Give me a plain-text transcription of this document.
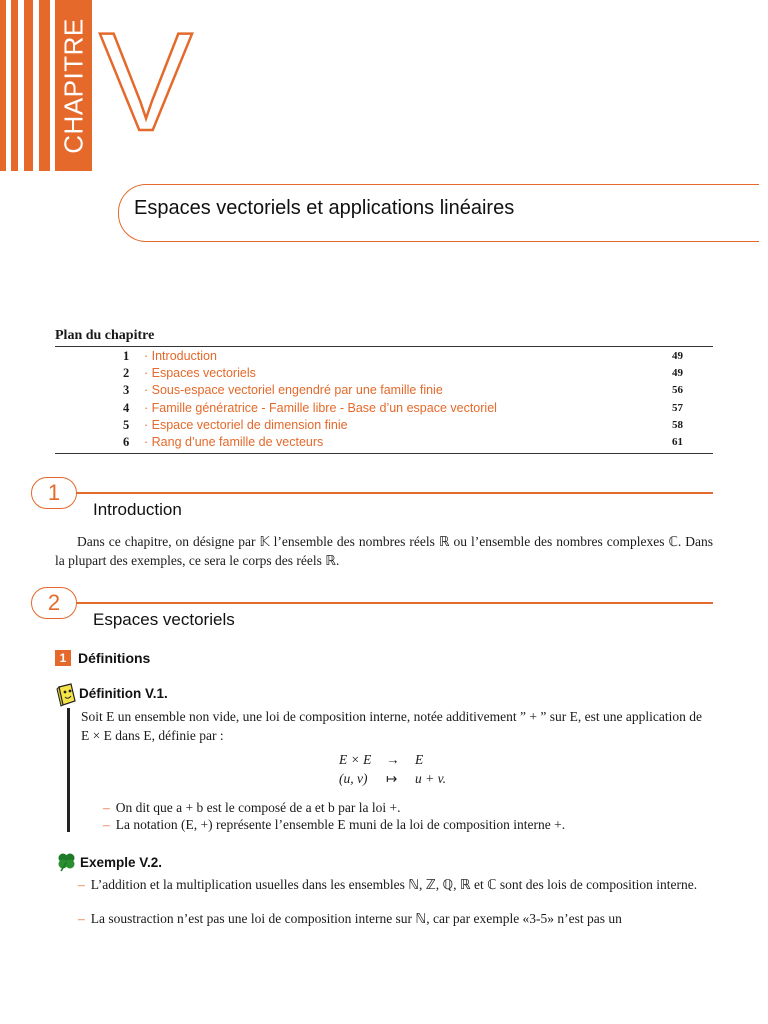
CHAPITRE V
Espaces vectoriels et applications linéaires
Plan du chapitre
1 · Introduction	49
2 · Espaces vectoriels	49
3 · Sous-espace vectoriel engendré par une famille finie	56
4 · Famille génératrice - Famille libre - Base d’un espace vectoriel	57
5 · Espace vectoriel de dimension finie	58
6 · Rang d’une famille de vecteurs	61
1
Introduction
Dans ce chapitre, on désigne par 𝕂 l’ensemble des nombres réels ℝ ou l’ensemble des nombres complexes ℂ. Dans la plupart des exemples, ce sera le corps des réels ℝ.
2
Espaces vectoriels
1 Définitions
Définition V.1.
Soit E un ensemble non vide, une loi de composition interne, notée additivement ” + ” sur E, est une application de E × E dans E, définie par :
E × E → E
(u, v) ↦ u + v.
– On dit que a + b est le composé de a et b par la loi +.
– La notation (E, +) représente l’ensemble E muni de la loi de composition interne +.
Exemple V.2.
– L’addition et la multiplication usuelles dans les ensembles ℕ, ℤ, ℚ, ℝ et ℂ sont des lois de composition interne.
– La soustraction n’est pas une loi de composition interne sur ℕ, car par exemple «3-5» n’est pas un
